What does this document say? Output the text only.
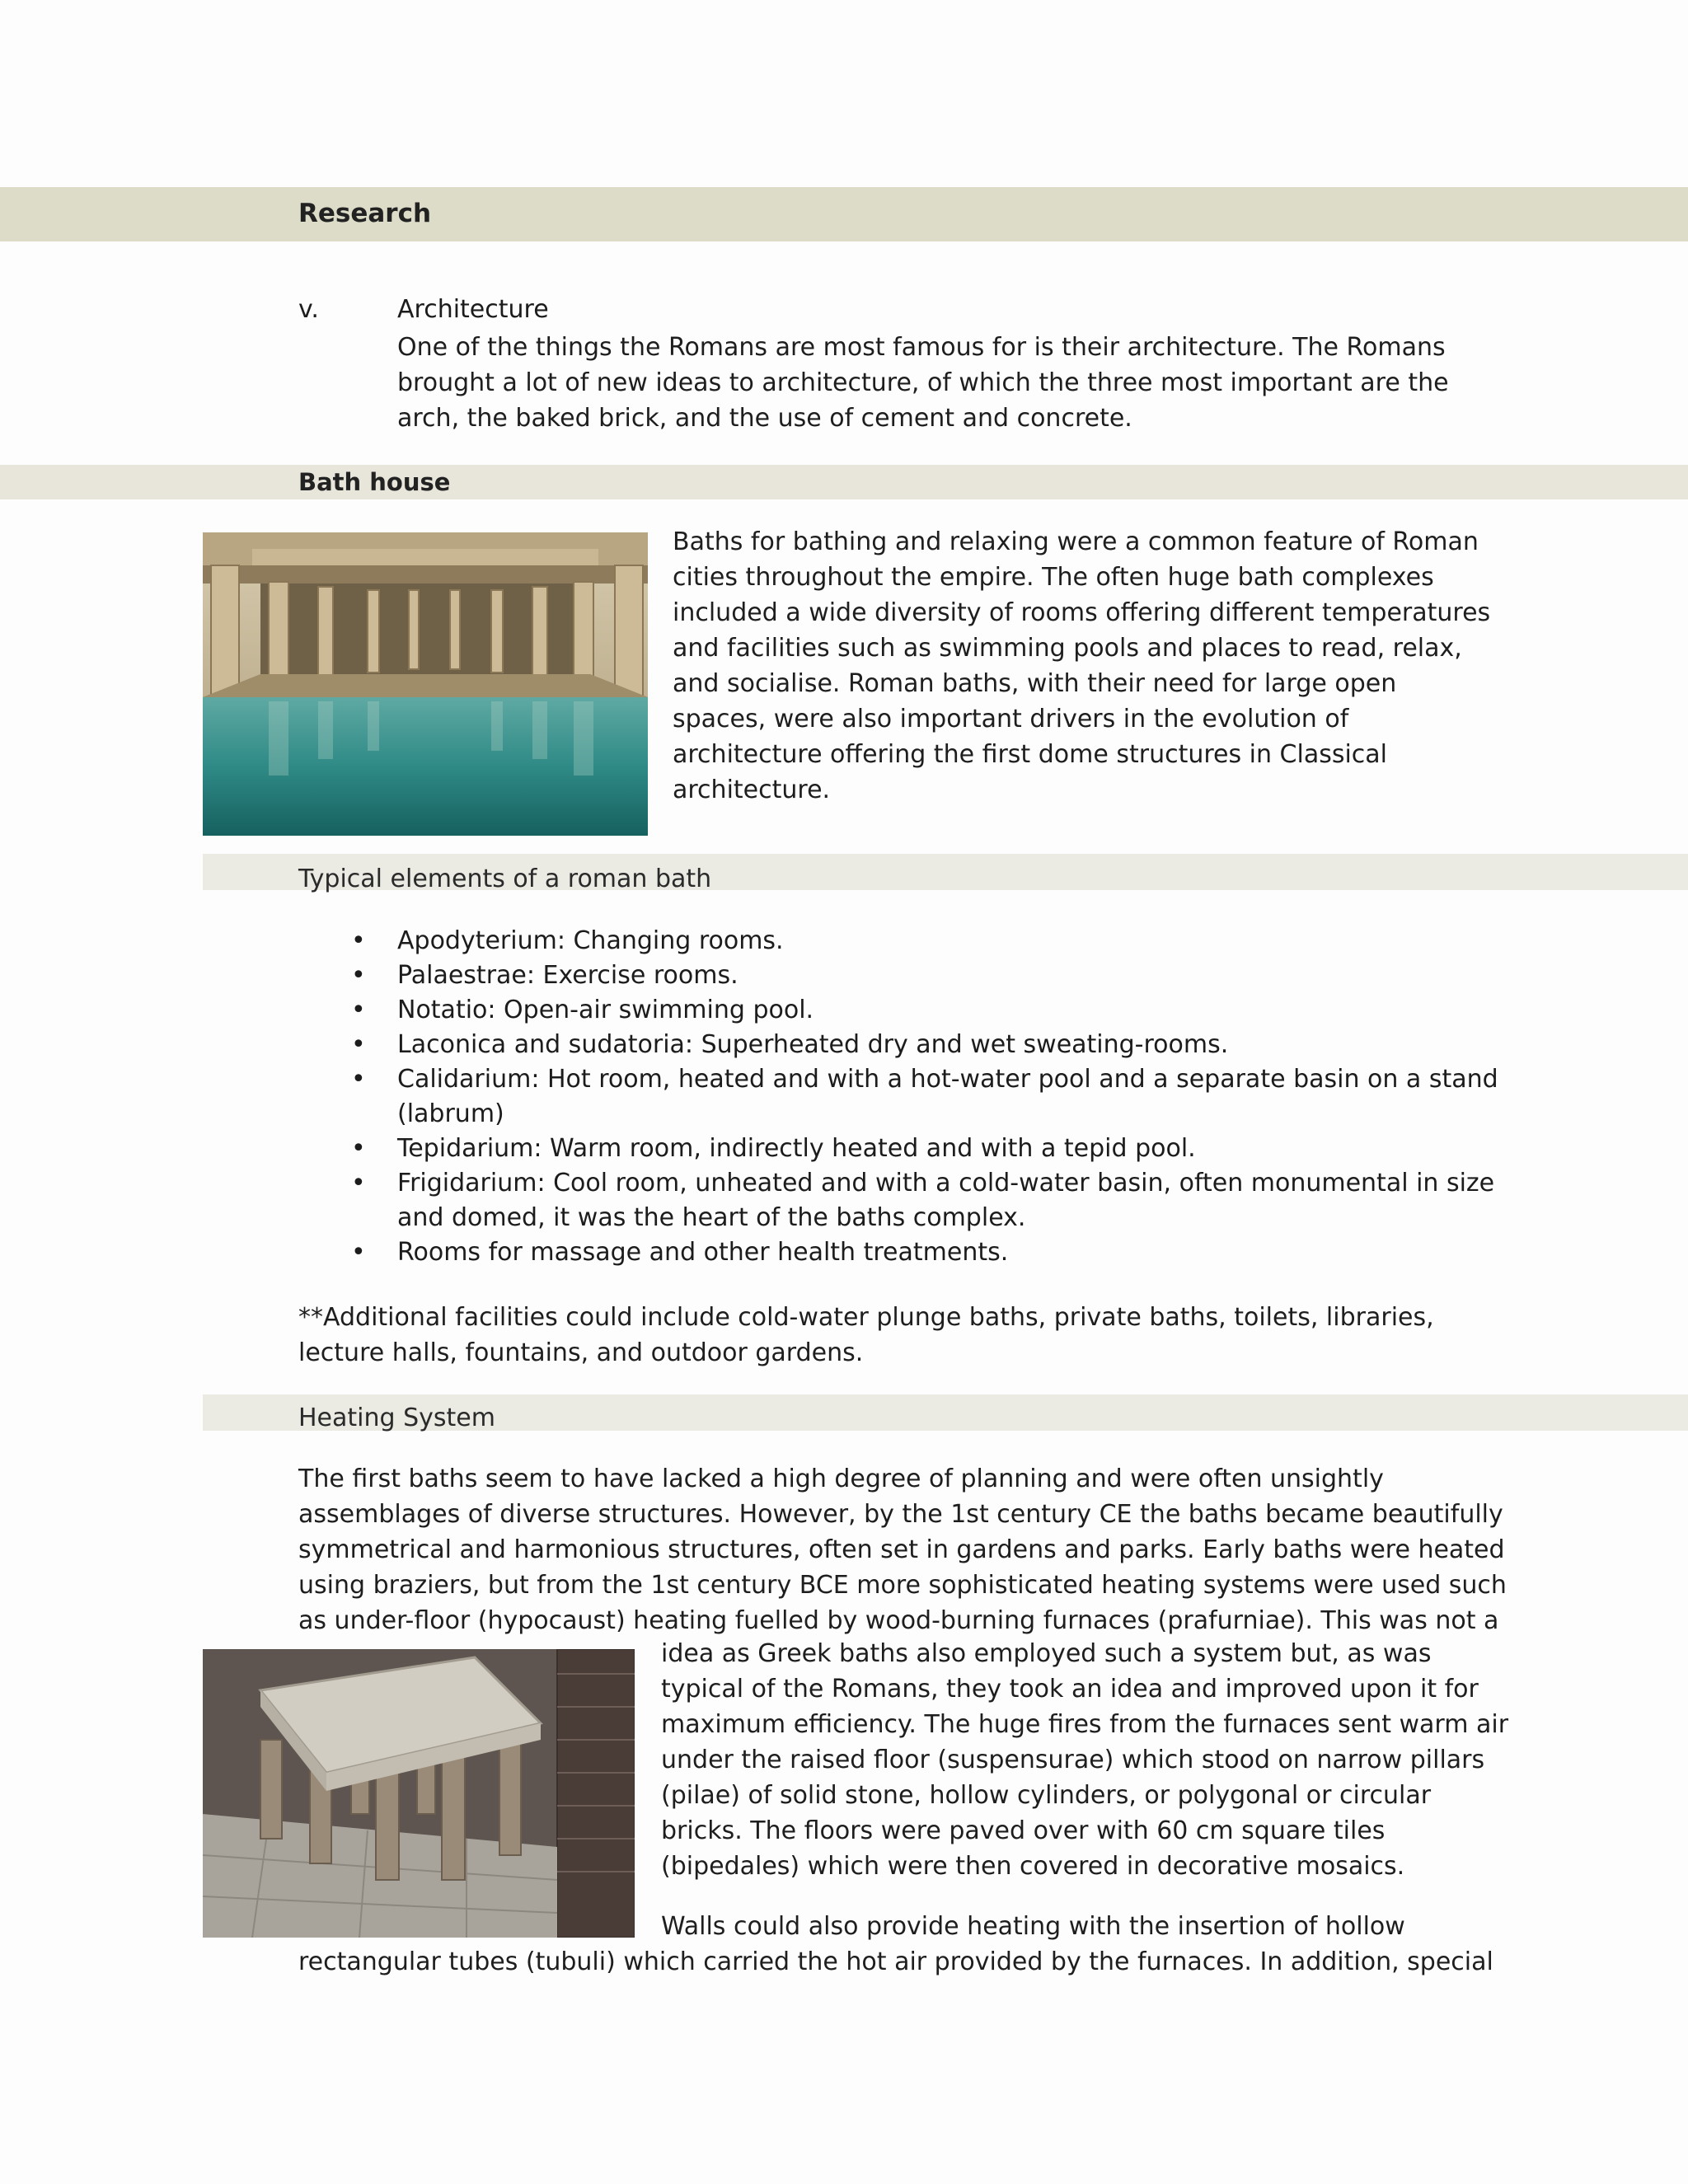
Research
v.	Architecture

One of the things the Romans are most famous for is their architecture. The Romans brought a lot of new ideas to architecture, of which the three most important are the arch, the baked brick, and the use of cement and concrete.

Bath house

Baths for bathing and relaxing were a common feature of Roman cities throughout the empire. The often huge bath complexes included a wide diversity of rooms offering different temperatures and facilities such as swimming pools and places to read, relax, and socialise. Roman baths, with their need for large open spaces, were also important drivers in the evolution of architecture offering the first dome structures in Classical architecture.

Typical elements of a roman bath
• Apodyterium: Changing rooms.
• Palaestrae: Exercise rooms.
• Notatio: Open-air swimming pool.
• Laconica and sudatoria: Superheated dry and wet sweating-rooms.
• Calidarium: Hot room, heated and with a hot-water pool and a separate basin on a stand (labrum)
• Tepidarium: Warm room, indirectly heated and with a tepid pool.
• Frigidarium: Cool room, unheated and with a cold-water basin, often monumental in size and domed, it was the heart of the baths complex.
• Rooms for massage and other health treatments.

**Additional facilities could include cold-water plunge baths, private baths, toilets, libraries, lecture halls, fountains, and outdoor gardens.

Heating System

The first baths seem to have lacked a high degree of planning and were often unsightly assemblages of diverse structures. However, by the 1st century CE the baths became beautifully symmetrical and harmonious structures, often set in gardens and parks. Early baths were heated using braziers, but from the 1st century BCE more sophisticated heating systems were used such as under-floor (hypocaust) heating fuelled by wood-burning furnaces (prafurniae). This was not a

idea as Greek baths also employed such a system but, as was typical of the Romans, they took an idea and improved upon it for maximum efficiency. The huge fires from the furnaces sent warm air under the raised floor (suspensurae) which stood on narrow pillars (pilae) of solid stone, hollow cylinders, or polygonal or circular bricks. The floors were paved over with 60 cm square tiles (bipedales) which were then covered in decorative mosaics.

Walls could also provide heating with the insertion of hollow
rectangular tubes (tubuli) which carried the hot air provided by the furnaces. In addition, special
